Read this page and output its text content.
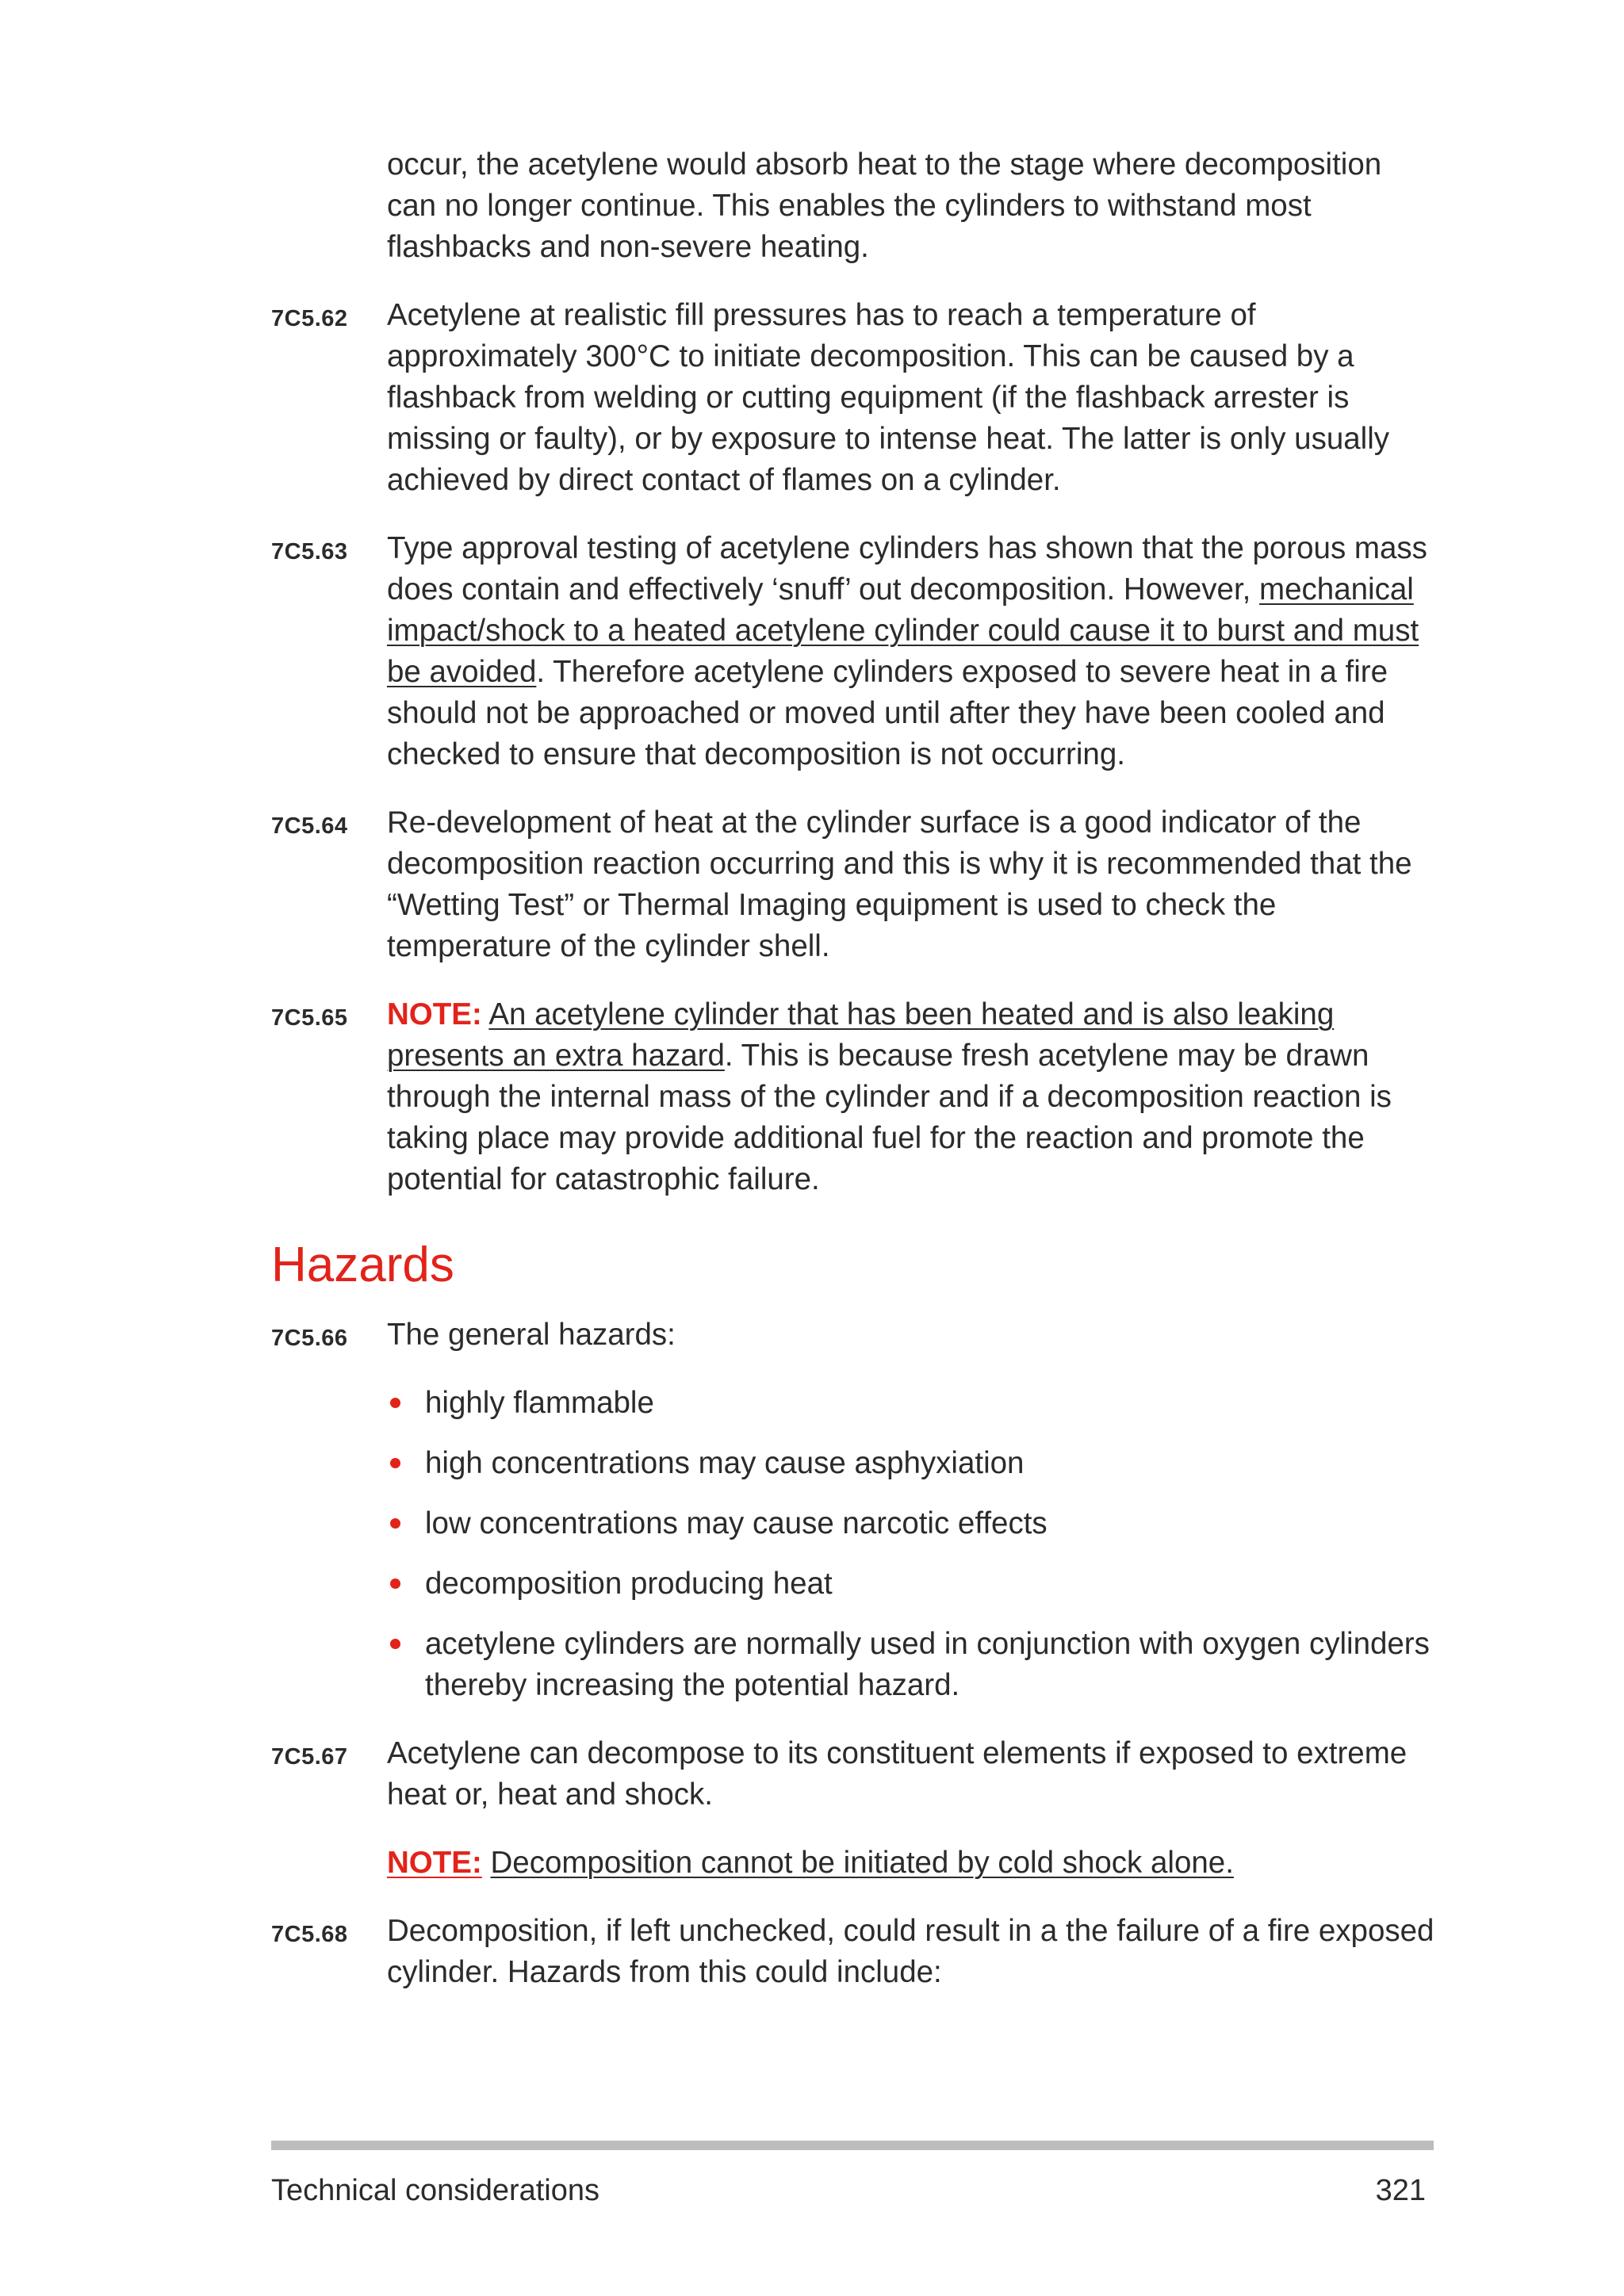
occur, the acetylene would absorb heat to the stage where decomposition can no longer continue. This enables the cylinders to withstand most flashbacks and non-severe heating.

7C5.62 Acetylene at realistic fill pressures has to reach a temperature of approximately 300°C to initiate decomposition. This can be caused by a flashback from welding or cutting equipment (if the flashback arrester is missing or faulty), or by exposure to intense heat. The latter is only usually achieved by direct contact of flames on a cylinder.

7C5.63 Type approval testing of acetylene cylinders has shown that the porous mass does contain and effectively ‘snuff’ out decomposition. However, mechanical impact/shock to a heated acetylene cylinder could cause it to burst and must be avoided. Therefore acetylene cylinders exposed to severe heat in a fire should not be approached or moved until after they have been cooled and checked to ensure that decomposition is not occurring.

7C5.64 Re-development of heat at the cylinder surface is a good indicator of the decomposition reaction occurring and this is why it is recommended that the “Wetting Test” or Thermal Imaging equipment is used to check the temperature of the cylinder shell.

7C5.65 NOTE: An acetylene cylinder that has been heated and is also leaking presents an extra hazard. This is because fresh acetylene may be drawn through the internal mass of the cylinder and if a decomposition reaction is taking place may provide additional fuel for the reaction and promote the potential for catastrophic failure.

Hazards

7C5.66 The general hazards:

highly flammable
high concentrations may cause asphyxiation
low concentrations may cause narcotic effects
decomposition producing heat
acetylene cylinders are normally used in conjunction with oxygen cylinders thereby increasing the potential hazard.

7C5.67 Acetylene can decompose to its constituent elements if exposed to extreme heat or, heat and shock.

NOTE: Decomposition cannot be initiated by cold shock alone.

7C5.68 Decomposition, if left unchecked, could result in a the failure of a fire exposed cylinder. Hazards from this could include:

Technical considerations	321
